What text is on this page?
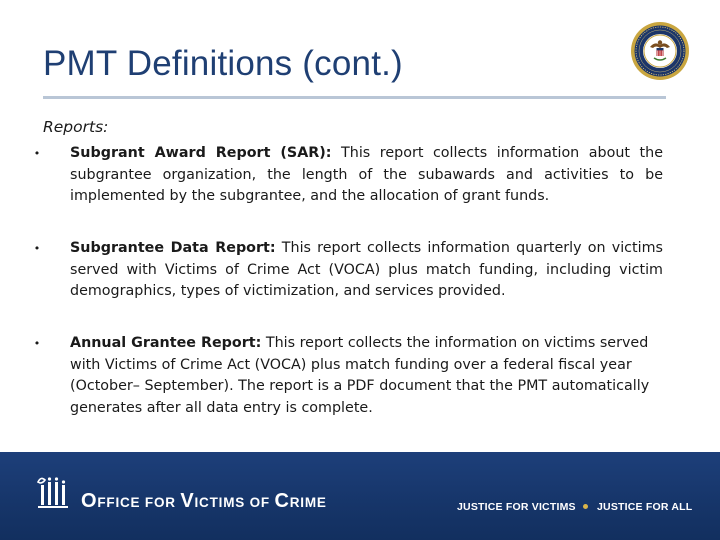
PMT Definitions (cont.)
Reports:
• Subgrant Award Report (SAR): This report collects information about the subgrantee organization, the length of the subawards and activities to be implemented by the subgrantee, and the allocation of grant funds.
• Subgrantee Data Report: This report collects information quarterly on victims served with Victims of Crime Act (VOCA) plus match funding, including victim demographics, types of victimization, and services provided.
• Annual Grantee Report: This report collects the information on victims served with Victims of Crime Act (VOCA) plus match funding over a federal fiscal year (October– September). The report is a PDF document that the PMT automatically generates after all data entry is complete.
OFFICE FOR VICTIMS OF CRIME	JUSTICE FOR VICTIMS JUSTICE FOR ALL
